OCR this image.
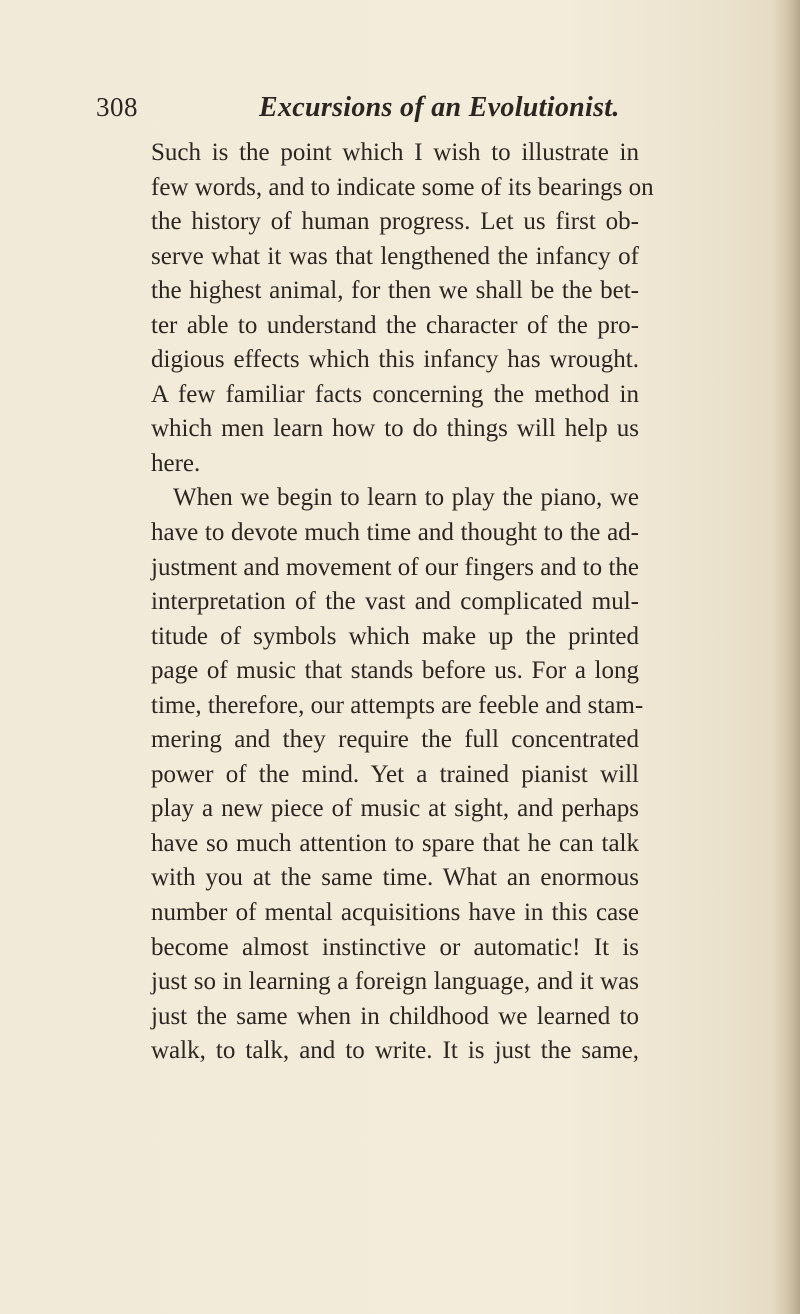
308	Excursions of an Evolutionist.
Such is the point which I wish to illustrate in
few words, and to indicate some of its bearings on
the history of human progress. Let us first ob-
serve what it was that lengthened the infancy of
the highest animal, for then we shall be the bet-
ter able to understand the character of the pro-
digious effects which this infancy has wrought.
A few familiar facts concerning the method in
which men learn how to do things will help us
here.
When we begin to learn to play the piano, we
have to devote much time and thought to the ad-
justment and movement of our fingers and to the
interpretation of the vast and complicated mul-
titude of symbols which make up the printed
page of music that stands before us. For a long
time, therefore, our attempts are feeble and stam-
mering and they require the full concentrated
power of the mind. Yet a trained pianist will
play a new piece of music at sight, and perhaps
have so much attention to spare that he can talk
with you at the same time. What an enormous
number of mental acquisitions have in this case
become almost instinctive or automatic! It is
just so in learning a foreign language, and it was
just the same when in childhood we learned to
walk, to talk, and to write. It is just the same,
